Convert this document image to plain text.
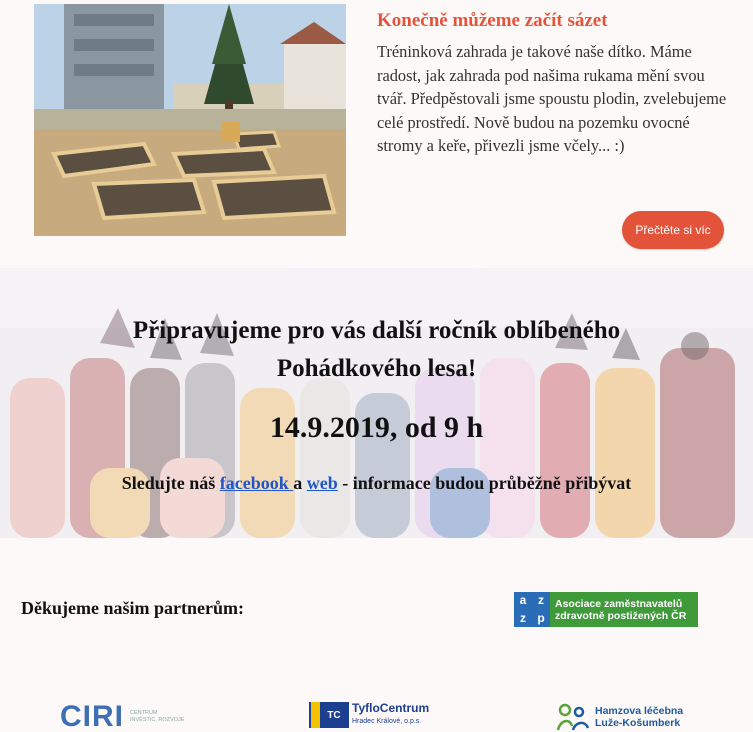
Konečně můžeme začít sázet
Tréninková zahrada je takové naše dítko. Máme radost, jak zahrada pod našima rukama mění svou tvář. Předpěstovali jsme spoustu plodin, zvelebujeme celé prostředí. Nově budou na pozemku ovocné stromy a keře, přivezli jsme včely... :)
Přečtěte si víc
Připravujeme pro vás další ročník oblíbeného
Pohádkového lesa!
14.9.2019, od 9 h
Sledujte náš facebook a web - informace budou průběžně přibývat
Děkujeme našim partnerům:	a z
z p
Asociace zaměstnavatelů
zdravotně postižených ČR
CIRI CENTRUM
INVESTIC, ROZVOJE	TC TyfloCentrum
Hradec Králové, o.p.s.
Hamzova léčebna
Luže-Košumberk
